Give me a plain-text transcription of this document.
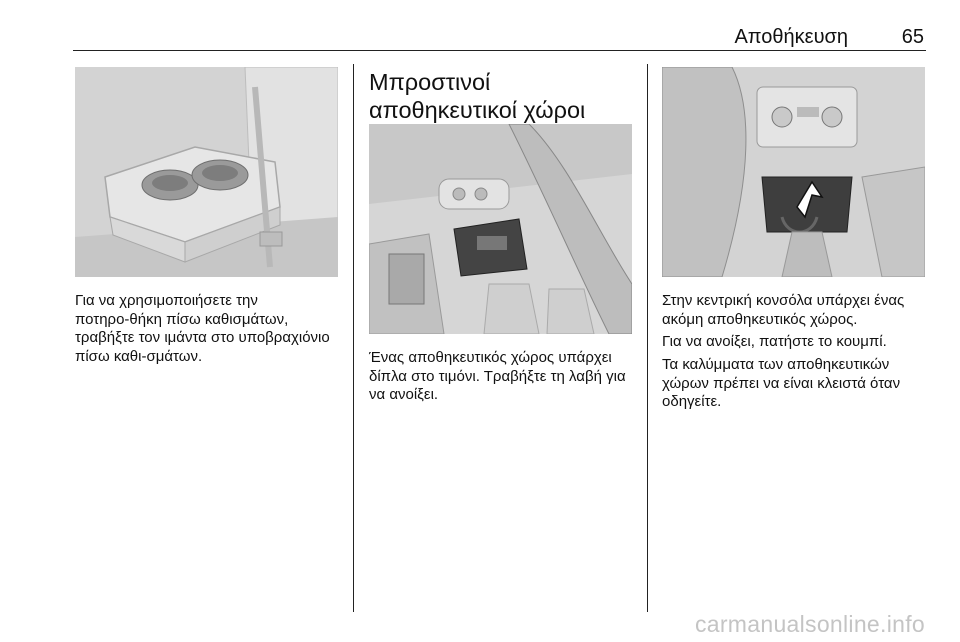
Αποθήκευση	65

Για να χρησιμοποιήσετε την ποτηρο‑θήκη πίσω καθισμάτων, τραβήξτε τον ιμάντα στο υποβραχιόνιο πίσω καθι‑σμάτων.

Μπροστινοί αποθηκευτικοί χώροι

Ένας αποθηκευτικός χώρος υπάρχει δίπλα στο τιμόνι. Τραβήξτε τη λαβή για να ανοίξει.

Στην κεντρική κονσόλα υπάρχει ένας ακόμη αποθηκευτικός χώρος.

Για να ανοίξει, πατήστε το κουμπί.

Τα καλύμματα των αποθηκευτικών χώρων πρέπει να είναι κλειστά όταν οδηγείτε.

carmanualsonline.info
